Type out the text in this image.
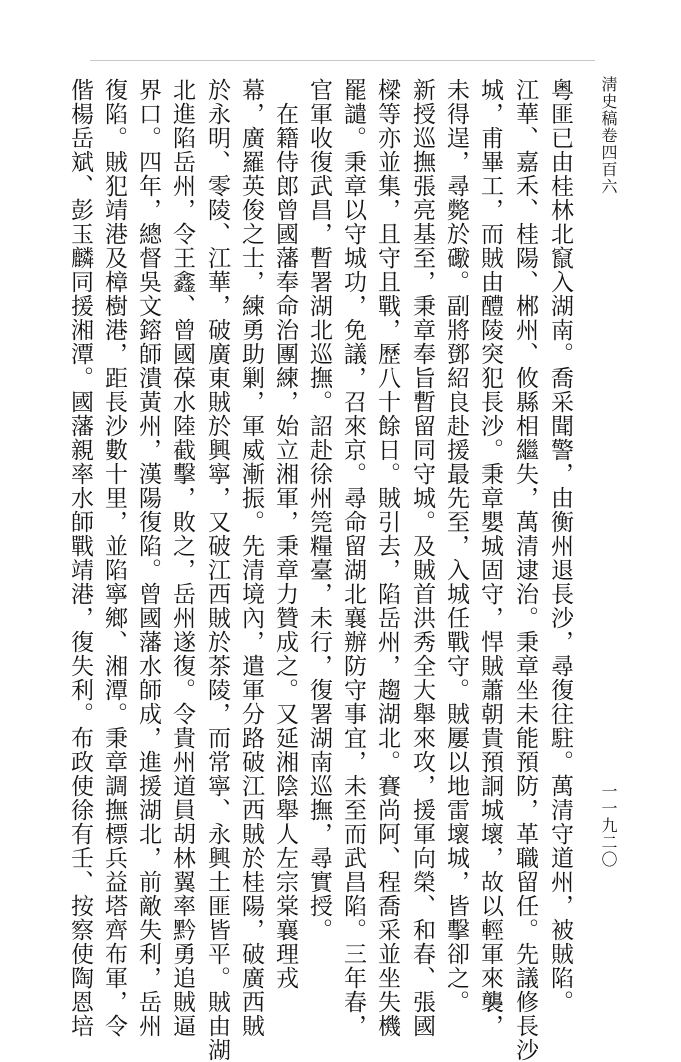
淸史稿卷四百六
一一九二〇
粵匪已由桂林北竄入湖南。喬采聞警，由衡州退長沙，尋復往駐。萬清守道州，被賊陷。
江華、嘉禾、桂陽、郴州、攸縣相繼失，萬清逮治。秉章坐未能預防，革職留任。先議修長沙
城，甫畢工，而賊由醴陵突犯長沙。秉章嬰城固守，悍賊蕭朝貴預詗城壞，故以輕軍來襲，
未得逞，尋斃於礮。副將鄧紹良赴援最先至，入城任戰守。賊屢以地雷壞城，皆擊卻之。
新授巡撫張亮基至，秉章奉旨暫留同守城。及賊首洪秀全大舉來攻，援軍向榮、和春、張國
樑等亦並集，且守且戰，歷八十餘日。賊引去，陷岳州，趨湖北。賽尚阿、程喬采並坐失機
罷譴。秉章以守城功，免議，召來京。尋命留湖北襄辦防守事宜，未至而武昌陷。三年春，
官軍收復武昌，暫署湖北巡撫。詔赴徐州筦糧臺，未行，復署湖南巡撫，尋實授。
　在籍侍郎曾國藩奉命治團練，始立湘軍，秉章力贊成之。又延湘陰舉人左宗棠襄理戎
幕，廣羅英俊之士，練勇助剿，軍威漸振。先清境內，遣軍分路破江西賊於桂陽，破廣西賊
於永明、零陵、江華，破廣東賊於興寧，又破江西賊於茶陵，而常寧、永興土匪皆平。賊由湖
北進陷岳州，令王鑫、曾國葆水陸截擊，敗之，岳州遂復。令貴州道員胡林翼率黔勇追賊逼
界口。四年，總督吳文鎔師潰黃州，漢陽復陷。曾國藩水師成，進援湖北，前敵失利，岳州
復陷。賊犯靖港及樟樹港，距長沙數十里，並陷寧鄉、湘潭。秉章調撫標兵益塔齊布軍，令
偕楊岳斌、彭玉麟同援湘潭。國藩親率水師戰靖港，復失利。布政使徐有壬、按察使陶恩培
